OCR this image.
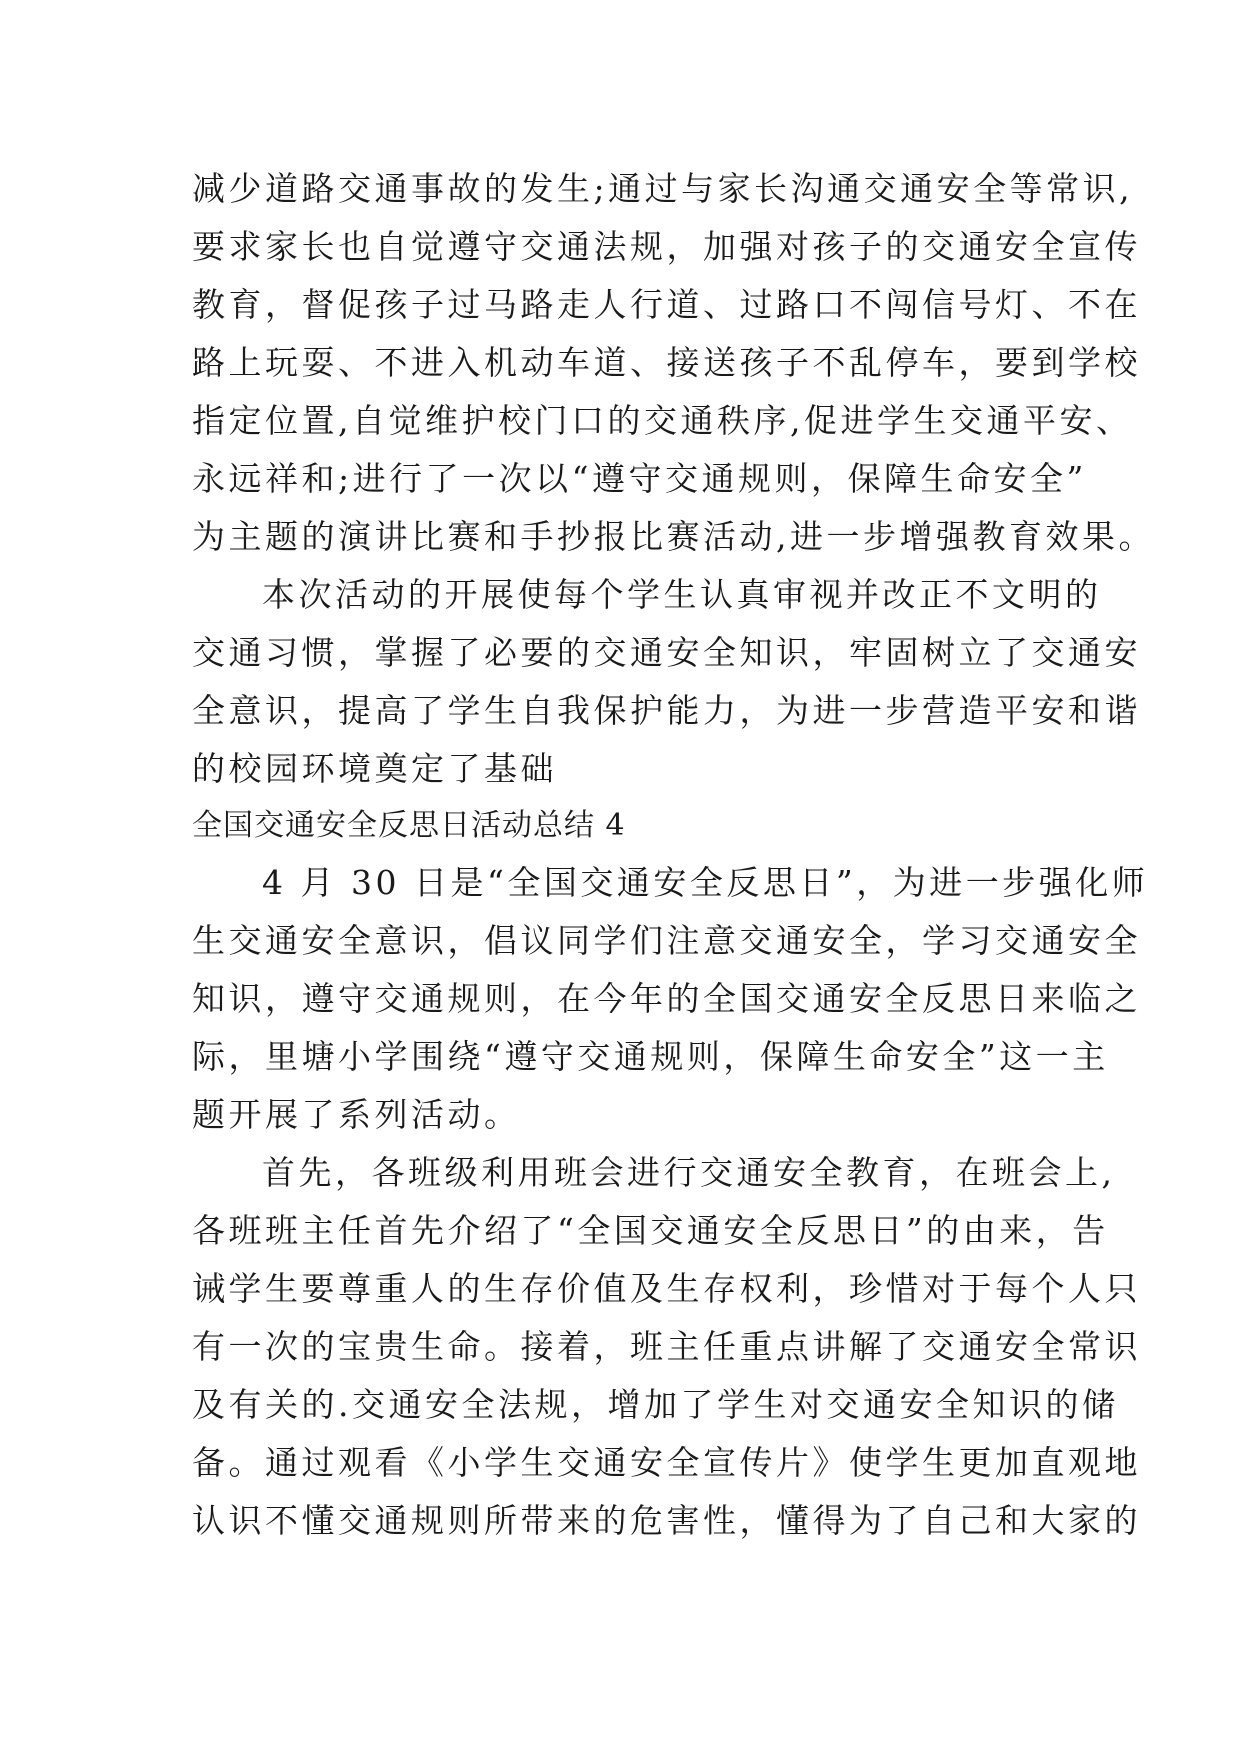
减少道路交通事故的发生;通过与家长沟通交通安全等常识,
要求家长也自觉遵守交通法规，加强对孩子的交通安全宣传
教育，督促孩子过马路走人行道、过路口不闯信号灯、不在
路上玩耍、不进入机动车道、接送孩子不乱停车，要到学校
指定位置,自觉维护校门口的交通秩序,促进学生交通平安、
永远祥和;进行了一次以“遵守交通规则，保障生命安全”
为主题的演讲比赛和手抄报比赛活动,进一步增强教育效果。
本次活动的开展使每个学生认真审视并改正不文明的
交通习惯，掌握了必要的交通安全知识，牢固树立了交通安
全意识，提高了学生自我保护能力，为进一步营造平安和谐
的校园环境奠定了基础
全国交通安全反思日活动总结 4
4 月 30 日是“全国交通安全反思日”，为进一步强化师
生交通安全意识，倡议同学们注意交通安全，学习交通安全
知识，遵守交通规则，在今年的全国交通安全反思日来临之
际，里塘小学围绕“遵守交通规则，保障生命安全”这一主
题开展了系列活动。
首先，各班级利用班会进行交通安全教育，在班会上,
各班班主任首先介绍了“全国交通安全反思日”的由来，告
诫学生要尊重人的生存价值及生存权利，珍惜对于每个人只
有一次的宝贵生命。接着，班主任重点讲解了交通安全常识
及有关的.交通安全法规，增加了学生对交通安全知识的储
备。通过观看《小学生交通安全宣传片》使学生更加直观地
认识不懂交通规则所带来的危害性，懂得为了自己和大家的
